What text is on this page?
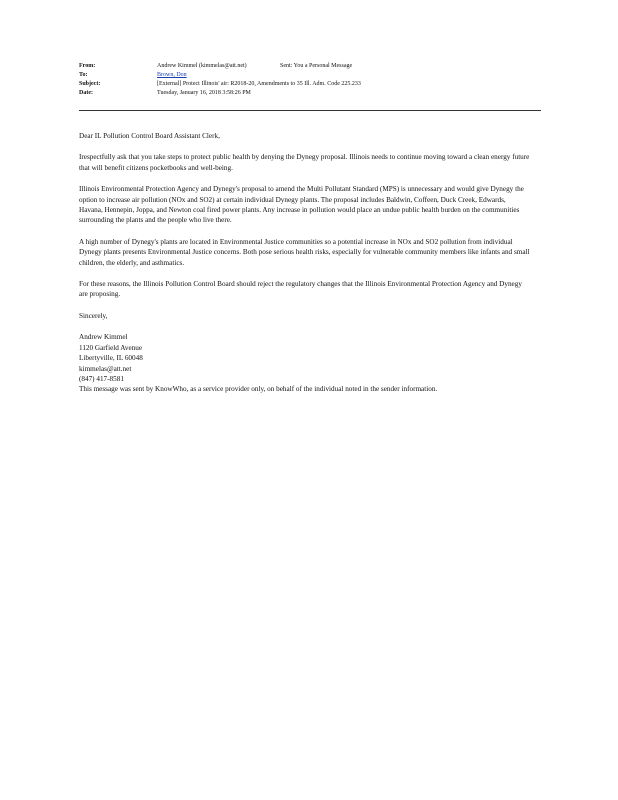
From:	Andrew Kimmel (kimmelas@att.net)	Sent: You a Personal Message
To:	Brown, Don
Subject:	[External] Protect Illinois' air: R2018-20, Amendments to 35 Ill. Adm. Code 225.233
Date:	Tuesday, January 16, 2018 3:58:26 PM

Dear IL Pollution Control Board Assistant Clerk,

Irespectfully ask that you take steps to protect public health by denying the Dynegy proposal. Illinois needs to continue moving toward a clean energy future that will benefit citizens pocketbooks and well-being.

Illinois Environmental Protection Agency and Dynegy's proposal to amend the Multi Pollutant Standard (MPS) is unnecessary and would give Dynegy the option to increase air pollution (NOx and SO2) at certain individual Dynegy plants. The proposal includes Baldwin, Coffeen, Duck Creek, Edwards, Havana, Hennepin, Joppa, and Newton coal fired power plants. Any increase in pollution would place an undue public health burden on the communities surrounding the plants and the people who live there.

A high number of Dynegy's plants are located in Environmental Justice communities so a potential increase in NOx and SO2 pollution from individual Dynegy plants presents Environmental Justice concerns. Both pose serious health risks, especially for vulnerable community members like infants and small children, the elderly, and asthmatics.

For these reasons, the Illinois Pollution Control Board should reject the regulatory changes that the Illinois Environmental Protection Agency and Dynegy are proposing.

Sincerely,

Andrew Kimmel
1120 Garfield Avenue
Libertyville, IL 60048
kimmelas@att.net
(847) 417-8581

This message was sent by KnowWho, as a service provider only, on behalf of the individual noted in the sender information.
